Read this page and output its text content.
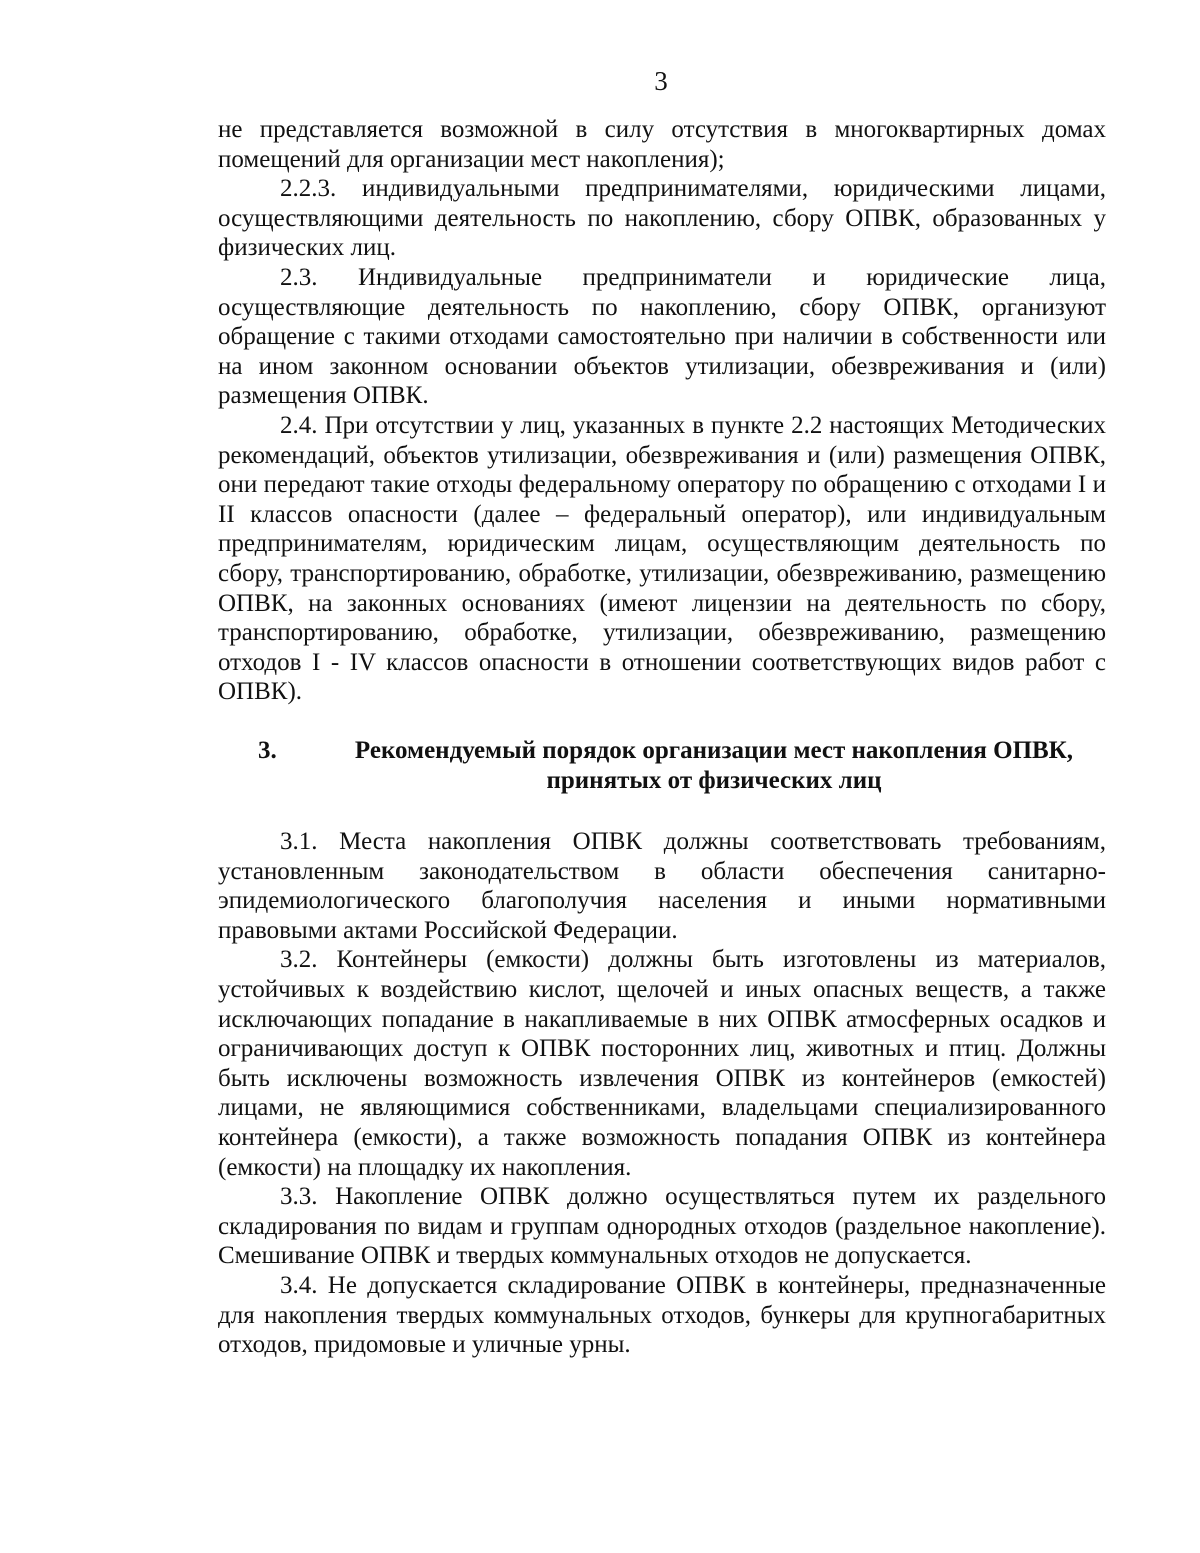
3

не представляется возможной в силу отсутствия в многоквартирных домах помещений для организации мест накопления);

2.2.3. индивидуальными предпринимателями, юридическими лицами, осуществляющими деятельность по накоплению, сбору ОПВК, образованных у физических лиц.

2.3. Индивидуальные предприниматели и юридические лица, осуществляющие деятельность по накоплению, сбору ОПВК, организуют обращение с такими отходами самостоятельно при наличии в собственности или на ином законном основании объектов утилизации, обезвреживания и (или) размещения ОПВК.

2.4. При отсутствии у лиц, указанных в пункте 2.2 настоящих Методических рекомендаций, объектов утилизации, обезвреживания и (или) размещения ОПВК, они передают такие отходы федеральному оператору по обращению с отходами I и II классов опасности (далее – федеральный оператор), или индивидуальным предпринимателям, юридическим лицам, осуществляющим деятельность по сбору, транспортированию, обработке, утилизации, обезвреживанию, размещению ОПВК, на законных основаниях (имеют лицензии на деятельность по сбору, транспортированию, обработке, утилизации, обезвреживанию, размещению отходов I - IV классов опасности в отношении соответствующих видов работ с ОПВК).

3.	Рекомендуемый порядок организации мест накопления ОПВК,
принятых от физических лиц

3.1. Места накопления ОПВК должны соответствовать требованиям, установленным законодательством в области обеспечения санитарно-эпидемиологического благополучия населения и иными нормативными правовыми актами Российской Федерации.

3.2. Контейнеры (емкости) должны быть изготовлены из материалов, устойчивых к воздействию кислот, щелочей и иных опасных веществ, а также исключающих попадание в накапливаемые в них ОПВК атмосферных осадков и ограничивающих доступ к ОПВК посторонних лиц, животных и птиц. Должны быть исключены возможность извлечения ОПВК из контейнеров (емкостей) лицами, не являющимися собственниками, владельцами специализированного контейнера (емкости), а также возможность попадания ОПВК из контейнера (емкости) на площадку их накопления.

3.3. Накопление ОПВК должно осуществляться путем их раздельного складирования по видам и группам однородных отходов (раздельное накопление). Смешивание ОПВК и твердых коммунальных отходов не допускается.

3.4. Не допускается складирование ОПВК в контейнеры, предназначенные для накопления твердых коммунальных отходов, бункеры для крупногабаритных отходов, придомовые и уличные урны.
